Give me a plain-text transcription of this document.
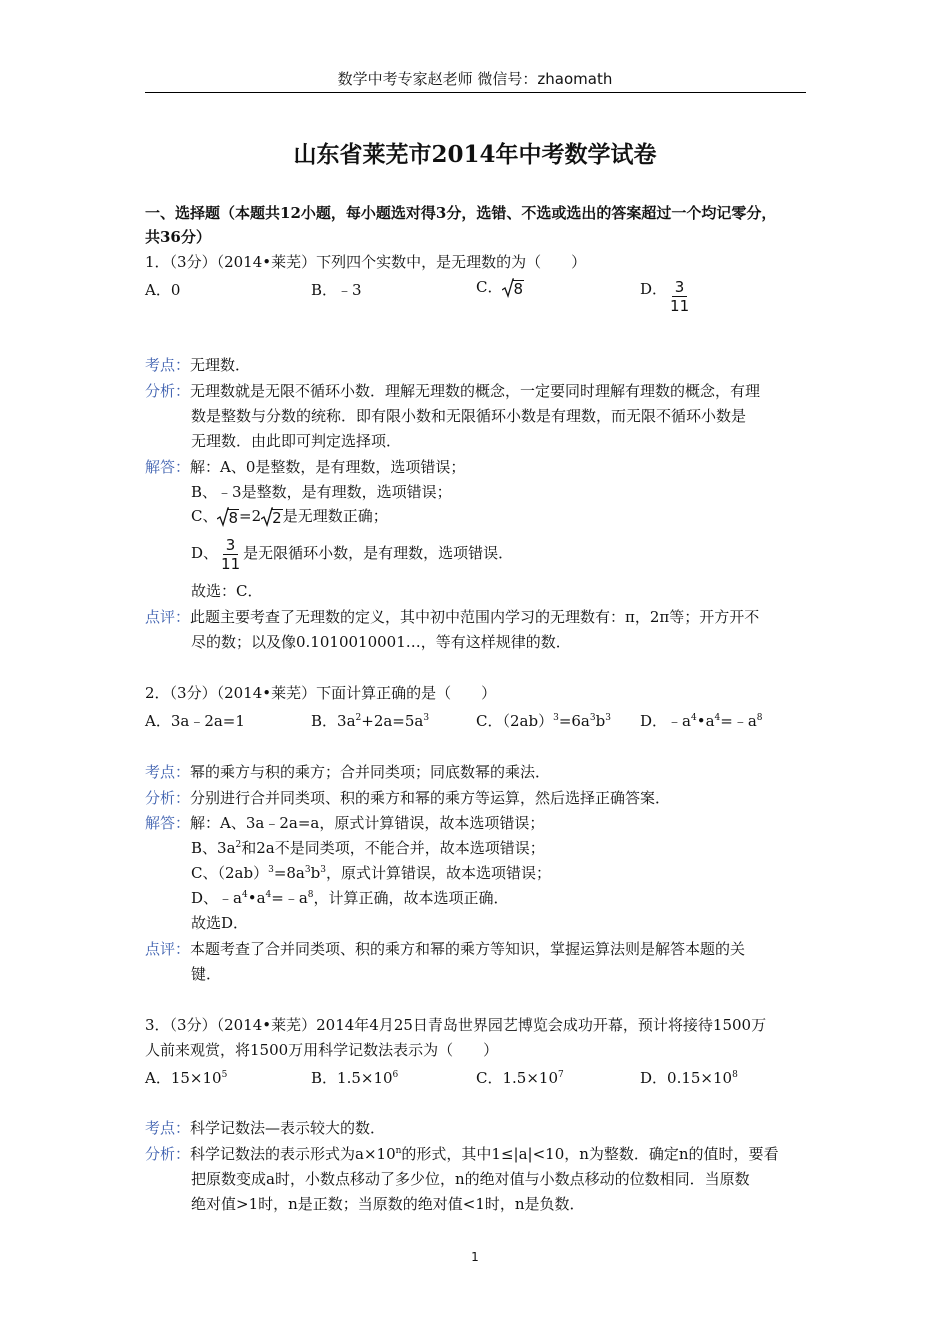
数学中考专家赵老师 微信号：zhaomath
山东省莱芜市2014年中考数学试卷
一、选择题（本题共12小题，每小题选对得3分，选错、不选或选出的答案超过一个均记零分，
共36分）
1．（3分）（2014•莱芜）下列四个实数中，是无理数的为（　　）
A．0	B．﹣3	C． 8	D． $\frac{3}{11}$
考点：无理数．
分析：无理数就是无限不循环小数．理解无理数的概念，一定要同时理解有理数的概念，有理
数是整数与分数的统称．即有限小数和无限循环小数是有理数，而无限不循环小数是
无理数．由此即可判定选择项．
解答：解：A、0是整数，是有理数，选项错误；
B、﹣3是整数，是有理数，选项错误；
C、 8=2 2是无理数正确；
D、 $\frac{3}{11}$ 是无限循环小数，是有理数，选项错误．
故选：C．
点评：此题主要考查了无理数的定义，其中初中范围内学习的无理数有：π，2π等；开方开不
尽的数；以及像0.1010010001…，等有这样规律的数．
2．（3分）（2014•莱芜）下面计算正确的是（　　）
A．3a﹣2a=1	B．$3a^2+2a=5a^3$	C．$(2ab)^3=6a^3b^3$ D．$﹣a^4•a^4=﹣a^8$
考点：幂的乘方与积的乘方；合并同类项；同底数幂的乘法．
分析：分别进行合并同类项、积的乘方和幂的乘方等运算，然后选择正确答案．
解答：解：A、3a﹣2a=a，原式计算错误，故本选项错误；
B、$3a^2$和2a不是同类项，不能合并，故本选项错误；
C、$(2ab)^3=8a^3b^3$，原式计算错误，故本选项错误；
D、$﹣a^4•a^4=﹣a^8$，计算正确，故本选项正确．
故选D．
点评：本题考查了合并同类项、积的乘方和幂的乘方等知识，掌握运算法则是解答本题的关
键．
3．（3分）（2014•莱芜）2014年4月25日青岛世界园艺博览会成功开幕，预计将接待1500万
人前来观赏，将1500万用科学记数法表示为（　　）
A．$15\times 10^5$	B．$1.5\times 10^6$	C．$1.5\times 10^7$	D．$0.15\times 10^8$
考点：科学记数法—表示较大的数．
分析：科学记数法的表示形式为$a\times 10^n$的形式，其中1≤|a|<10，n为整数．确定n的值时，要看
把原数变成a时，小数点移动了多少位，n的绝对值与小数点移动的位数相同．当原数
绝对值>1时，n是正数；当原数的绝对值<1时，n是负数．
1
